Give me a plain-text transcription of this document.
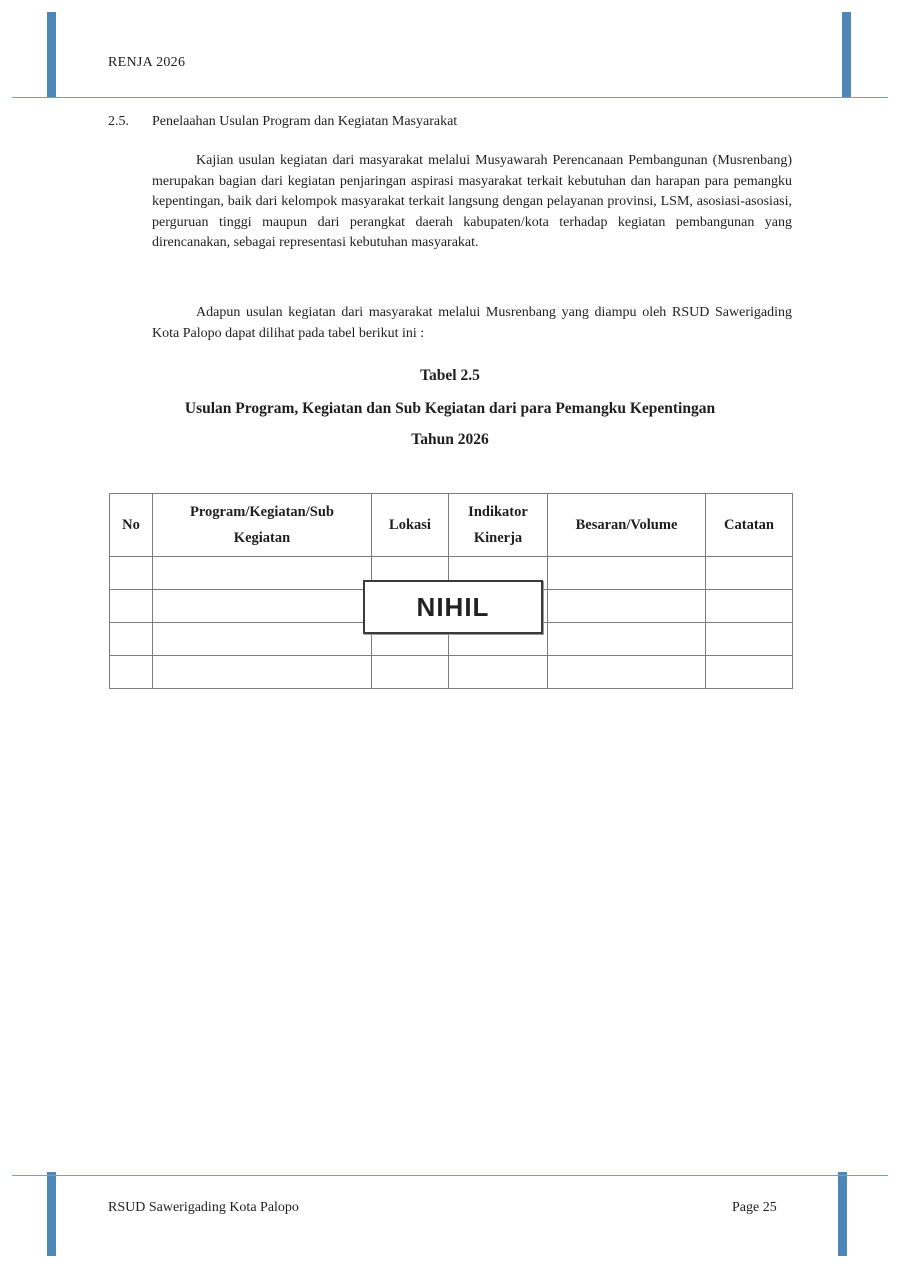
RENJA 2026
2.5. Penelaahan Usulan Program dan Kegiatan Masyarakat

Kajian usulan kegiatan dari masyarakat melalui Musyawarah Perencanaan Pembangunan (Musrenbang) merupakan bagian dari kegiatan penjaringan aspirasi masyarakat terkait kebutuhan dan harapan para pemangku kepentingan, baik dari kelompok masyarakat terkait langsung dengan pelayanan provinsi, LSM, asosiasi-asosiasi, perguruan tinggi maupun dari perangkat daerah kabupaten/kota terhadap kegiatan pembangunan yang direncanakan, sebagai representasi kebutuhan masyarakat.

Adapun usulan kegiatan dari masyarakat melalui Musrenbang yang diampu oleh RSUD Sawerigading Kota Palopo dapat dilihat pada tabel berikut ini :

Tabel 2.5
Usulan Program, Kegiatan dan Sub Kegiatan dari para Pemangku Kepentingan
Tahun 2026
No	Program/Kegiatan/Sub Kegiatan	Lokasi	Indikator Kinerja	Besaran/Volume	Catatan

NIHIL
RSUD Sawerigading Kota Palopo	Page 25
